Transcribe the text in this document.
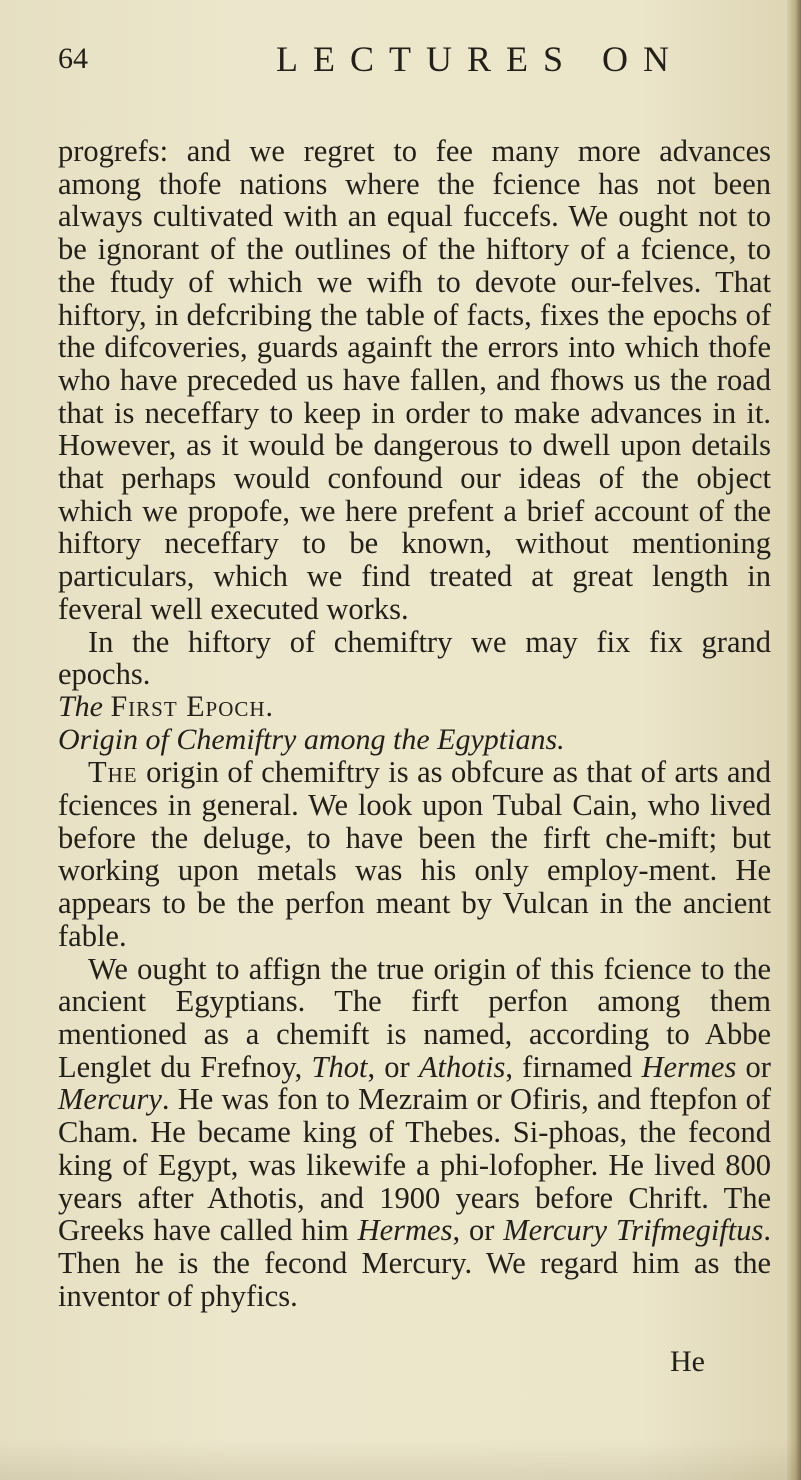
64	LECTURES ON

progrefs: and we regret to fee many more advances among thofe nations where the fcience has not been always cultivated with an equal fuccefs. We ought not to be ignorant of the outlines of the hiftory of a fcience, to the ftudy of which we wifh to devote our-felves. That hiftory, in defcribing the table of facts, fixes the epochs of the difcoveries, guards againft the errors into which thofe who have preceded us have fallen, and fhows us the road that is neceffary to keep in order to make advances in it. However, as it would be dangerous to dwell upon details that perhaps would confound our ideas of the object which we propofe, we here prefent a brief account of the hiftory neceffary to be known, without mentioning particulars, which we find treated at great length in feveral well executed works.

In the hiftory of chemiftry we may fix fix grand epochs.

The First Epoch.

Origin of Chemiftry among the Egyptians.

The origin of chemiftry is as obfcure as that of arts and fciences in general. We look upon Tubal Cain, who lived before the deluge, to have been the firft che-mift; but working upon metals was his only employ-ment. He appears to be the perfon meant by Vulcan in the ancient fable.

We ought to affign the true origin of this fcience to the ancient Egyptians. The firft perfon among them mentioned as a chemift is named, according to Abbe Lenglet du Frefnoy, Thot, or Athotis, firnamed Hermes or Mercury. He was fon to Mezraim or Ofiris, and ftepfon of Cham. He became king of Thebes. Si-phoas, the fecond king of Egypt, was likewife a phi-lofopher. He lived 800 years after Athotis, and 1900 years before Chrift. The Greeks have called him Hermes, or Mercury Trifmegiftus. Then he is the fecond Mercury. We regard him as the inventor of phyfics.

He
